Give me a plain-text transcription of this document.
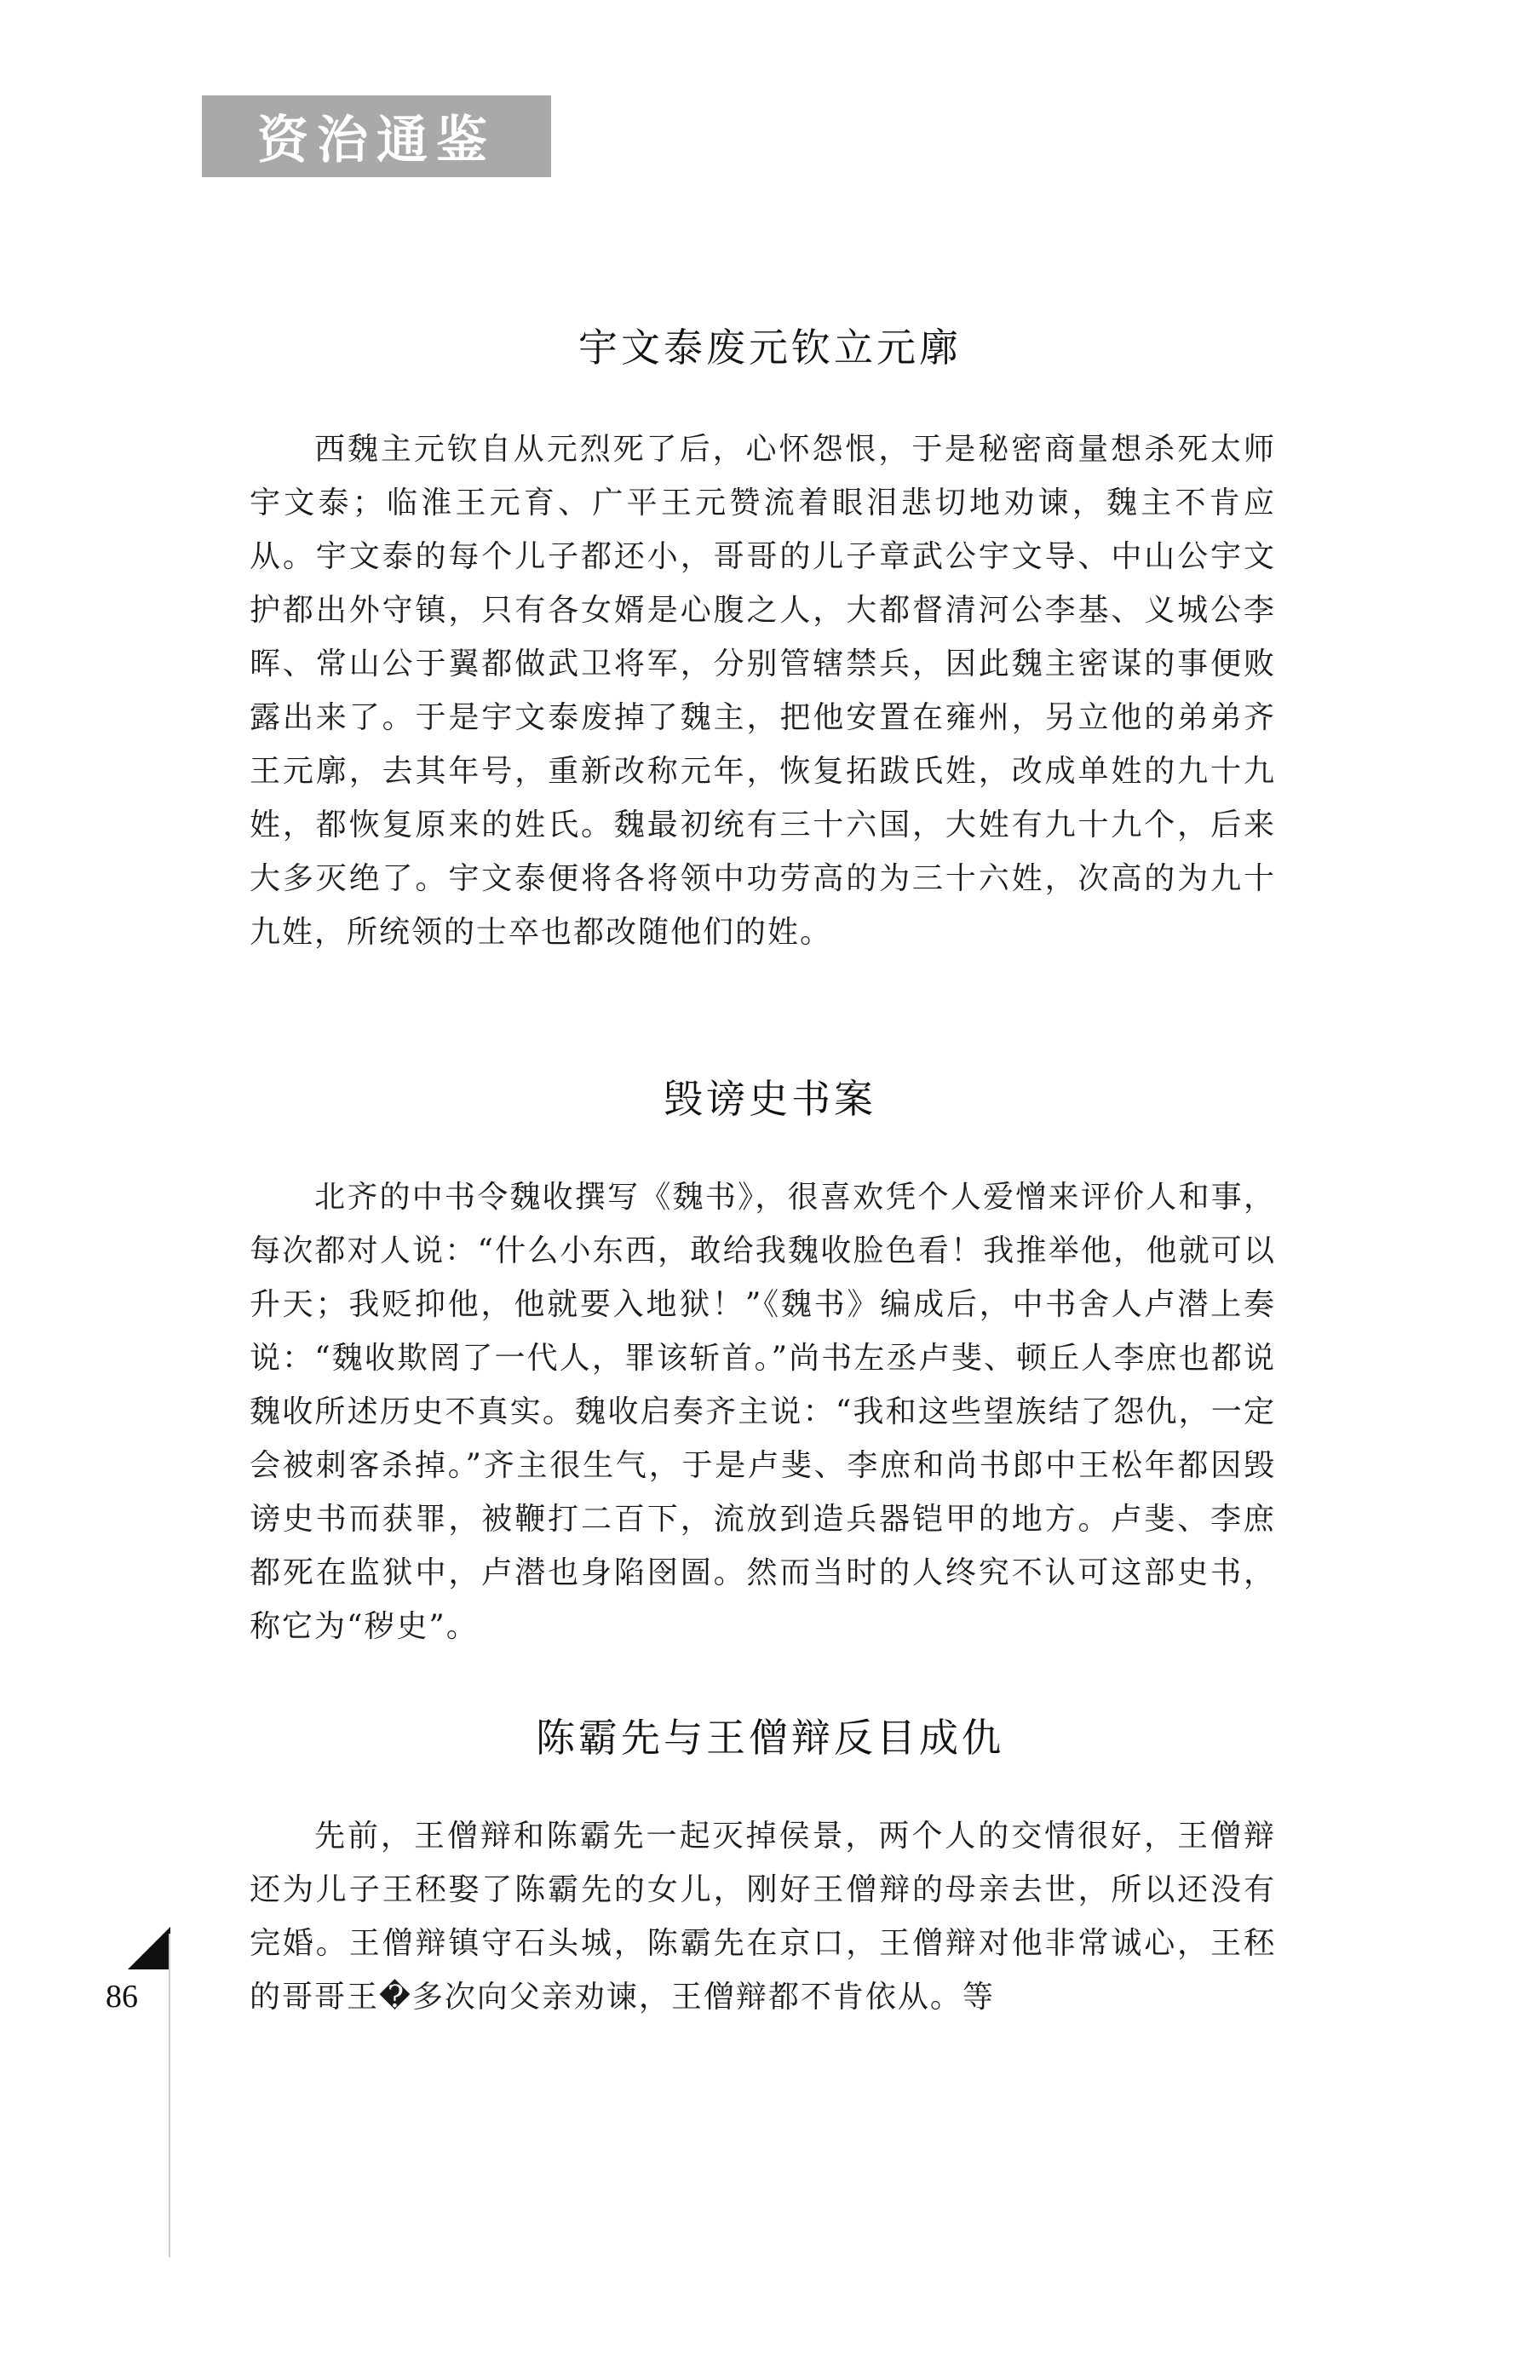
资治通鉴
宇文泰废元钦立元廓
西魏主元钦自从元烈死了后，心怀怨恨，于是秘密商量想杀死太师宇文泰；临淮王元育、广平王元赞流着眼泪悲切地劝谏，魏主不肯应从。宇文泰的每个儿子都还小，哥哥的儿子章武公宇文导、中山公宇文护都出外守镇，只有各女婿是心腹之人，大都督清河公李基、义城公李晖、常山公于翼都做武卫将军，分别管辖禁兵，因此魏主密谋的事便败露出来了。于是宇文泰废掉了魏主，把他安置在雍州，另立他的弟弟齐王元廓，去其年号，重新改称元年，恢复拓跋氏姓，改成单姓的九十九姓，都恢复原来的姓氏。魏最初统有三十六国，大姓有九十九个，后来大多灭绝了。宇文泰便将各将领中功劳高的为三十六姓，次高的为九十九姓，所统领的士卒也都改随他们的姓。
毁谤史书案
北齐的中书令魏收撰写《魏书》，很喜欢凭个人爱憎来评价人和事，每次都对人说：“什么小东西，敢给我魏收脸色看！我推举他，他就可以升天；我贬抑他，他就要入地狱！”《魏书》编成后，中书舍人卢潜上奏说：“魏收欺罔了一代人，罪该斩首。”尚书左丞卢斐、顿丘人李庶也都说魏收所述历史不真实。魏收启奏齐主说：“我和这些望族结了怨仇，一定会被刺客杀掉。”齐主很生气，于是卢斐、李庶和尚书郎中王松年都因毁谤史书而获罪，被鞭打二百下，流放到造兵器铠甲的地方。卢斐、李庶都死在监狱中，卢潜也身陷囹圄。然而当时的人终究不认可这部史书，称它为“秽史”。
陈霸先与王僧辩反目成仇
先前，王僧辩和陈霸先一起灭掉侯景，两个人的交情很好，王僧辩还为儿子王秠娶了陈霸先的女儿，刚好王僧辩的母亲去世，所以还没有完婚。王僧辩镇守石头城，陈霸先在京口，王僧辩对他非常诚心，王秠的哥哥王�多次向父亲劝谏，王僧辩都不肯依从。等
86
